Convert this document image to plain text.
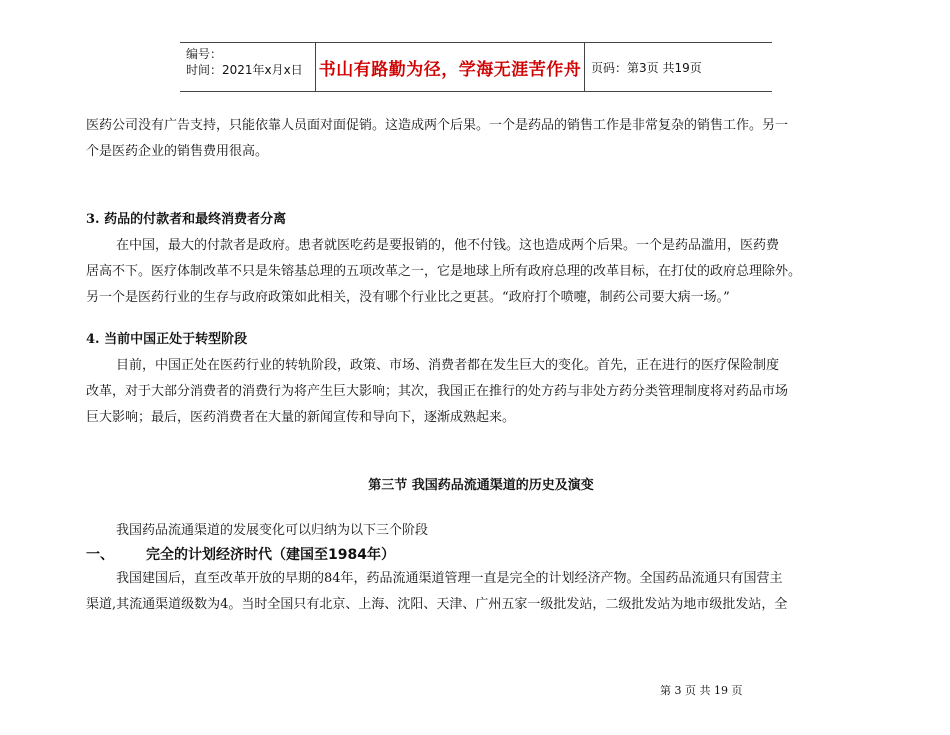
编号：
时间：2021年x月x日 书山有路勤为径，学海无涯苦作舟 页码：第3页 共19页

医药公司没有广告支持，只能依靠人员面对面促销。这造成两个后果。一个是药品的销售工作是非常复杂的销售工作。另一

个是医药企业的销售费用很高。

3. 药品的付款者和最终消费者分离

在中国，最大的付款者是政府。患者就医吃药是要报销的，他不付钱。这也造成两个后果。一个是药品滥用，医药费

居高不下。医疗体制改革不只是朱镕基总理的五项改革之一，它是地球上所有政府总理的改革目标，在打仗的政府总理除外。

另一个是医药行业的生存与政府政策如此相关，没有哪个行业比之更甚。“政府打个喷嚏，制药公司要大病一场。”

4. 当前中国正处于转型阶段

目前，中国正处在医药行业的转轨阶段，政策、市场、消费者都在发生巨大的变化。首先，正在进行的医疗保险制度

改革，对于大部分消费者的消费行为将产生巨大影响；其次，我国正在推行的处方药与非处方药分类管理制度将对药品市场

巨大影响；最后，医药消费者在大量的新闻宣传和导向下，逐渐成熟起来。

第三节 我国药品流通渠道的历史及演变

我国药品流通渠道的发展变化可以归纳为以下三个阶段

一、 完全的计划经济时代（建国至1984年）

我国建国后，直至改革开放的早期的84年，药品流通渠道管理一直是完全的计划经济产物。全国药品流通只有国营主

渠道,其流通渠道级数为4。当时全国只有北京、上海、沈阳、天津、广州五家一级批发站，二级批发站为地市级批发站，全

第 3 页 共 19 页
